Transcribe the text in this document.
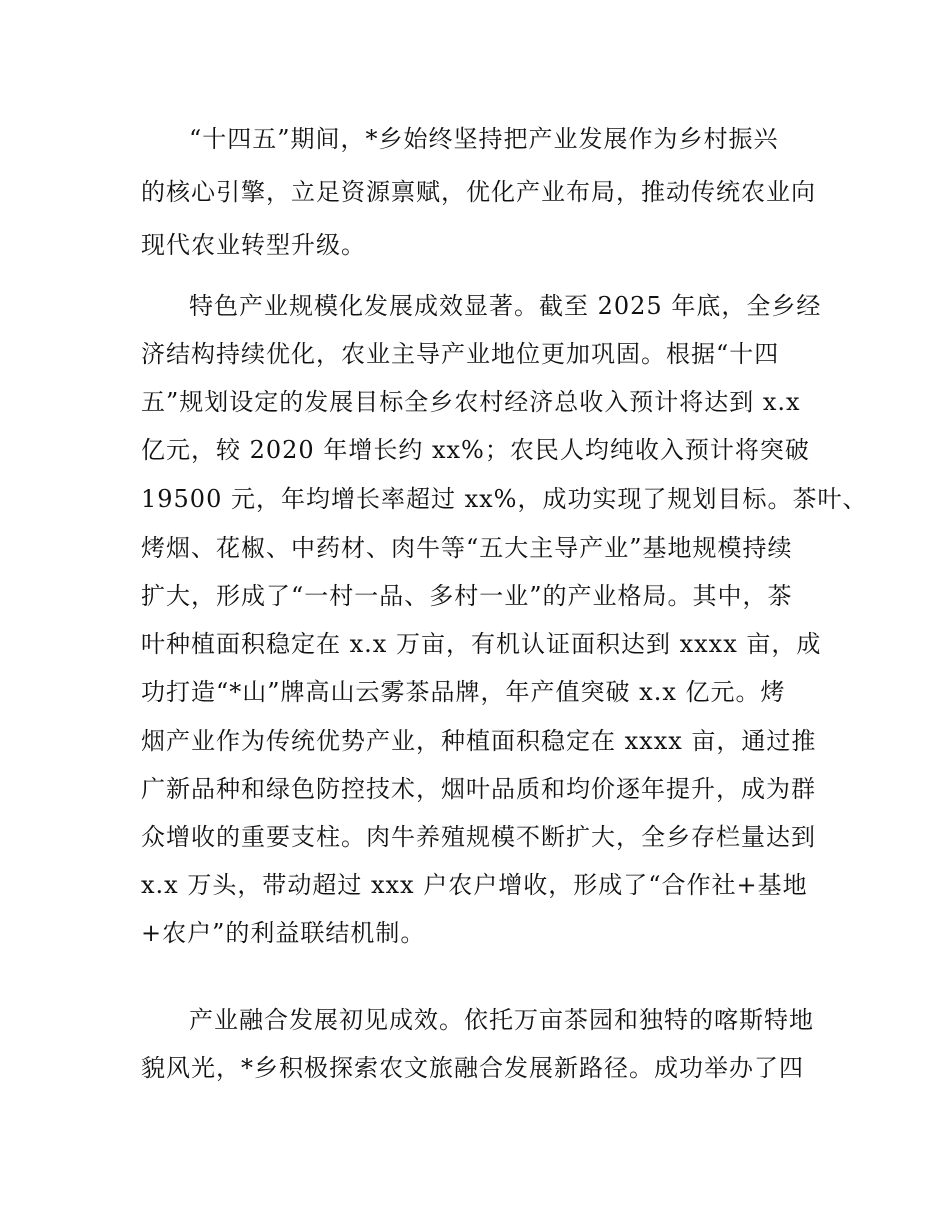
“十四五”期间，*乡始终坚持把产业发展作为乡村振兴
的核心引擎，立足资源禀赋，优化产业布局，推动传统农业向
现代农业转型升级。
特色产业规模化发展成效显著。截至 2025 年底，全乡经
济结构持续优化，农业主导产业地位更加巩固。根据“十四
五”规划设定的发展目标全乡农村经济总收入预计将达到 x.x
亿元，较 2020 年增长约 xx%；农民人均纯收入预计将突破
19500 元，年均增长率超过 xx%，成功实现了规划目标。茶叶、
烤烟、花椒、中药材、肉牛等“五大主导产业”基地规模持续
扩大，形成了“一村一品、多村一业”的产业格局。其中，茶
叶种植面积稳定在 x.x 万亩，有机认证面积达到 xxxx 亩，成
功打造“*山”牌高山云雾茶品牌，年产值突破 x.x 亿元。烤
烟产业作为传统优势产业，种植面积稳定在 xxxx 亩，通过推
广新品种和绿色防控技术，烟叶品质和均价逐年提升，成为群
众增收的重要支柱。肉牛养殖规模不断扩大，全乡存栏量达到
x.x 万头，带动超过 xxx 户农户增收，形成了“合作社+基地
+农户”的利益联结机制。
产业融合发展初见成效。依托万亩茶园和独特的喀斯特地
貌风光，*乡积极探索农文旅融合发展新路径。成功举办了四
